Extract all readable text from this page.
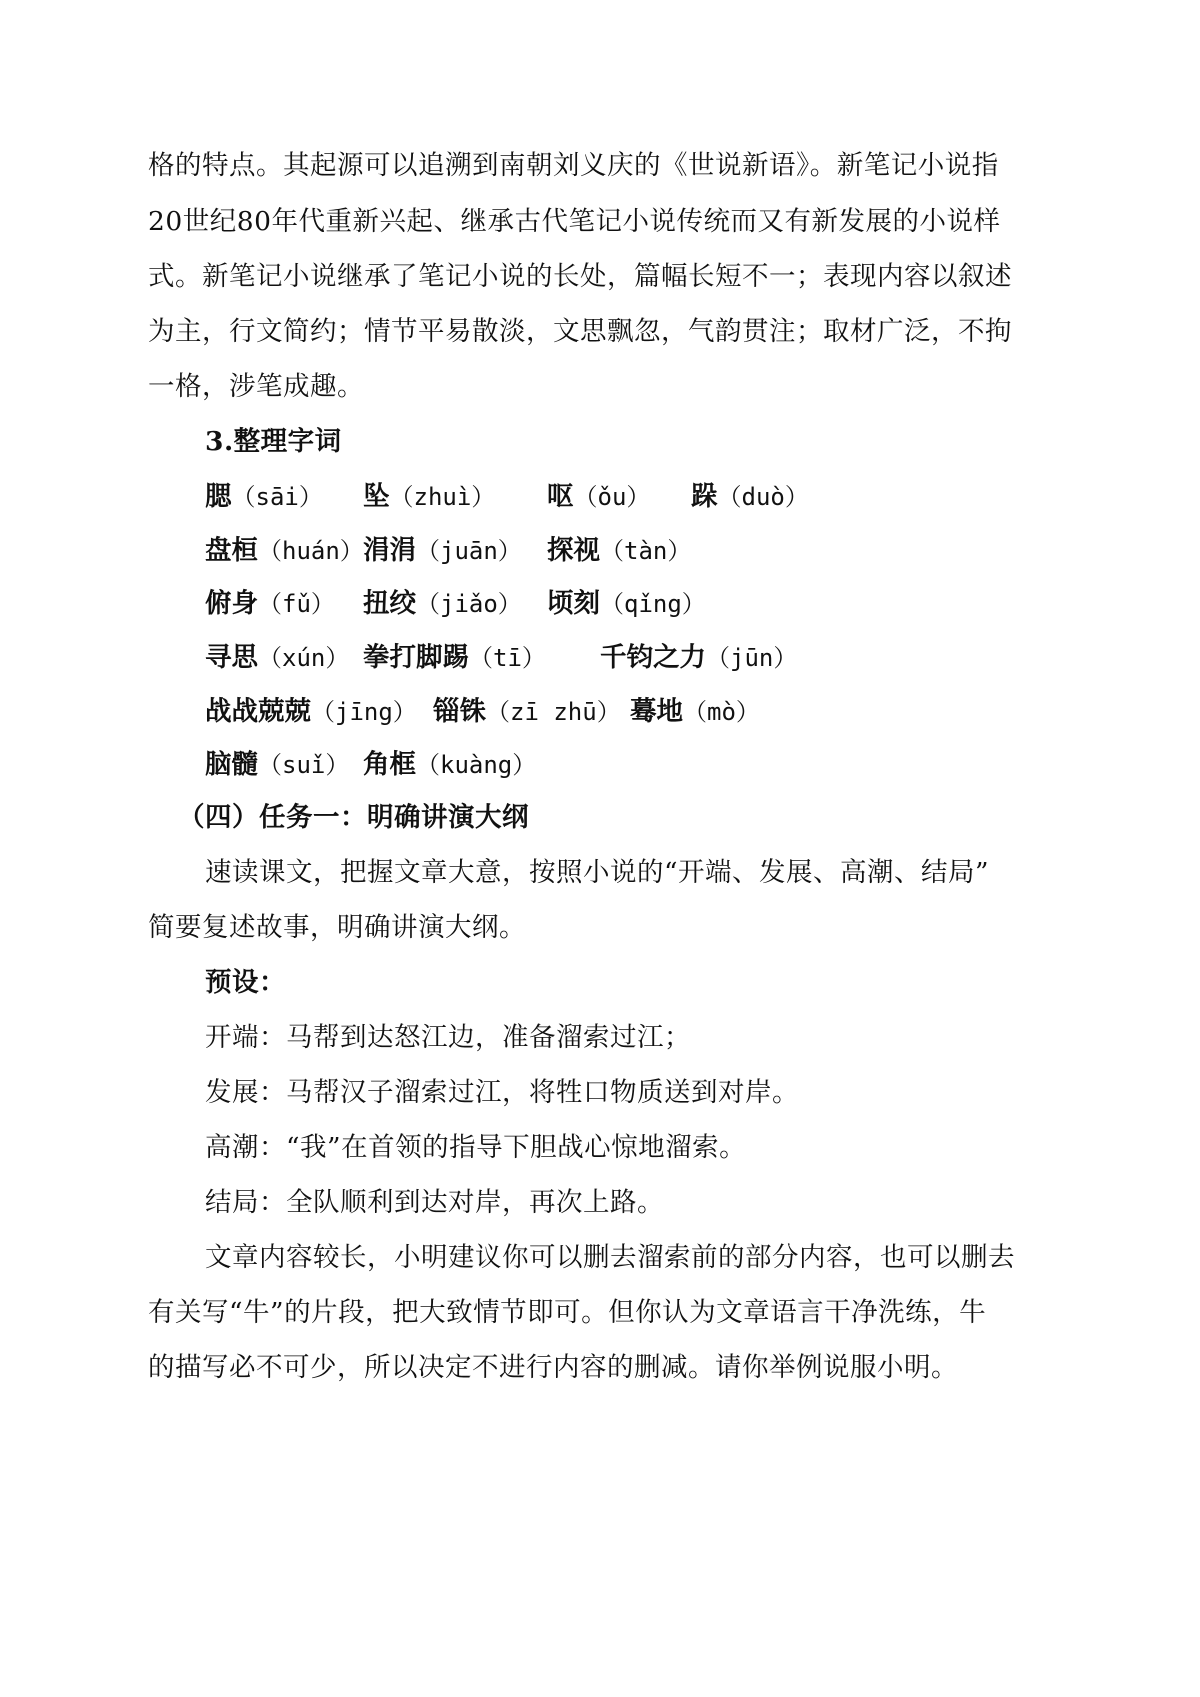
格的特点。其起源可以追溯到南朝刘义庆的《世说新语》。新笔记小说指
20世纪80年代重新兴起、继承古代笔记小说传统而又有新发展的小说样
式。新笔记小说继承了笔记小说的长处，篇幅长短不一；表现内容以叙述
为主，行文简约；情节平易散淡，文思飘忽，气韵贯注；取材广泛，不拘
一格，涉笔成趣。
3.整理字词
腮（sāi） 坠（zhuì） 呕（ǒu） 跺（duò）
盘桓（huán） 涓涓（juān） 探视（tàn）
俯身（fǔ） 扭绞（jiǎo） 顷刻（qǐng）
寻思（xún） 拳打脚踢（tī） 千钧之力（jūn）
战战兢兢（jīng） 锱铢（zī zhū） 蓦地（mò）
脑髓（suǐ） 角框（kuàng）
（四）任务一：明确讲演大纲
速读课文，把握文章大意，按照小说的“开端、发展、高潮、结局”
简要复述故事，明确讲演大纲。
预设：
开端：马帮到达怒江边，准备溜索过江；
发展：马帮汉子溜索过江，将牲口物质送到对岸。
高潮：“我”在首领的指导下胆战心惊地溜索。
结局：全队顺利到达对岸，再次上路。
文章内容较长，小明建议你可以删去溜索前的部分内容，也可以删去
有关写“牛”的片段，把大致情节即可。但你认为文章语言干净洗练，牛
的描写必不可少，所以决定不进行内容的删减。请你举例说服小明。
